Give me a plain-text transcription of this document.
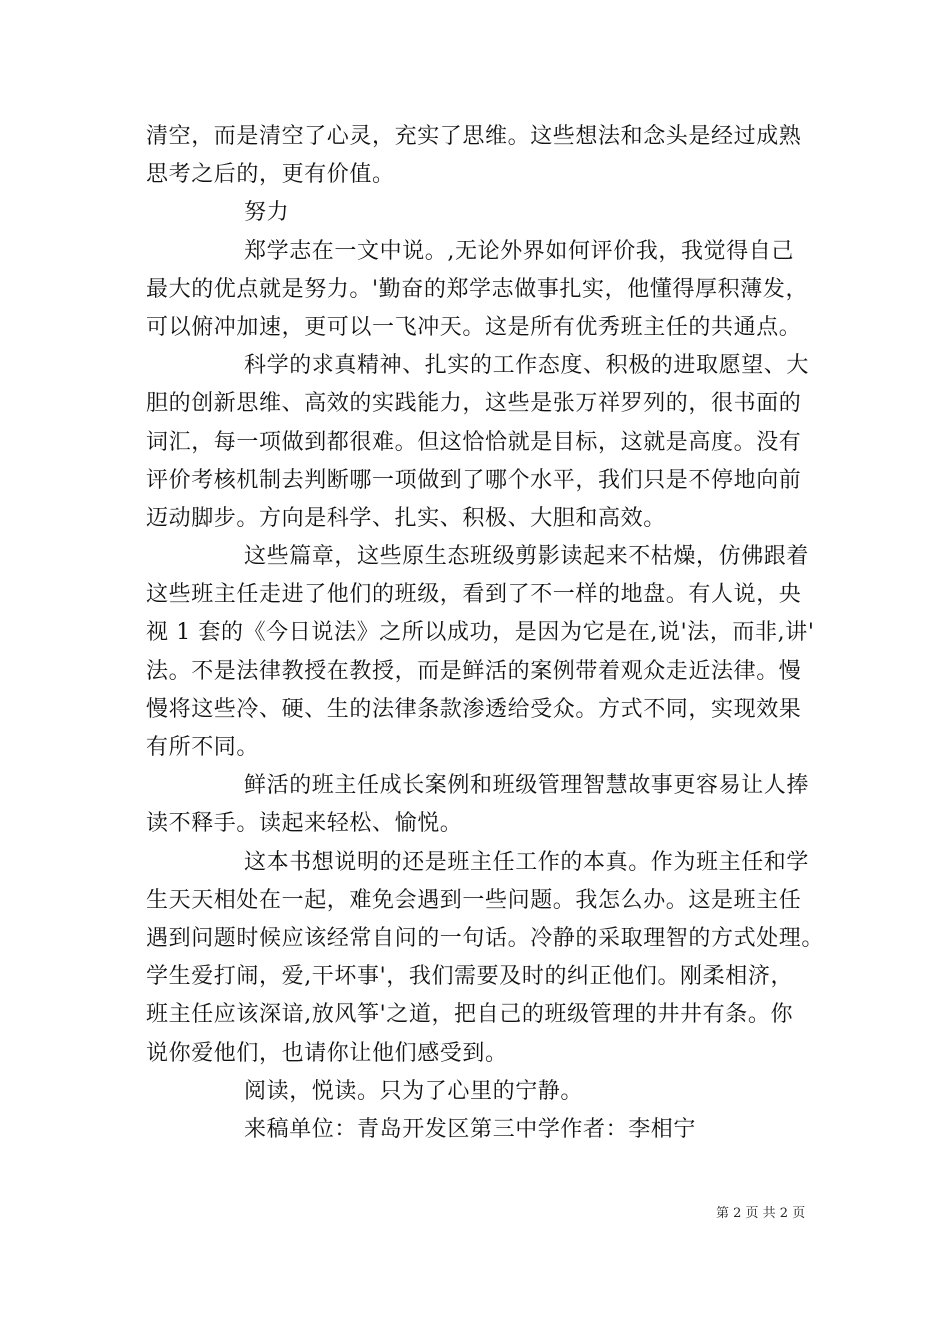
清空，而是清空了心灵，充实了思维。这些想法和念头是经过成熟
思考之后的，更有价值。
努力
郑学志在一文中说。,无论外界如何评价我，我觉得自己
最大的优点就是努力。'勤奋的郑学志做事扎实，他懂得厚积薄发，
可以俯冲加速，更可以一飞冲天。这是所有优秀班主任的共通点。
科学的求真精神、扎实的工作态度、积极的进取愿望、大
胆的创新思维、高效的实践能力，这些是张万祥罗列的，很书面的
词汇，每一项做到都很难。但这恰恰就是目标，这就是高度。没有
评价考核机制去判断哪一项做到了哪个水平，我们只是不停地向前
迈动脚步。方向是科学、扎实、积极、大胆和高效。
这些篇章，这些原生态班级剪影读起来不枯燥，仿佛跟着
这些班主任走进了他们的班级，看到了不一样的地盘。有人说，央
视 1 套的《今日说法》之所以成功，是因为它是在,说'法，而非,讲'
法。不是法律教授在教授，而是鲜活的案例带着观众走近法律。慢
慢将这些冷、硬、生的法律条款渗透给受众。方式不同，实现效果
有所不同。
鲜活的班主任成长案例和班级管理智慧故事更容易让人捧
读不释手。读起来轻松、愉悦。
这本书想说明的还是班主任工作的本真。作为班主任和学
生天天相处在一起，难免会遇到一些问题。我怎么办。这是班主任
遇到问题时候应该经常自问的一句话。冷静的采取理智的方式处理。
学生爱打闹，爱,干坏事'，我们需要及时的纠正他们。刚柔相济，
班主任应该深谙,放风筝'之道，把自己的班级管理的井井有条。你
说你爱他们，也请你让他们感受到。
阅读，悦读。只为了心里的宁静。
来稿单位：青岛开发区第三中学作者：李相宁
第 2 页 共 2 页
